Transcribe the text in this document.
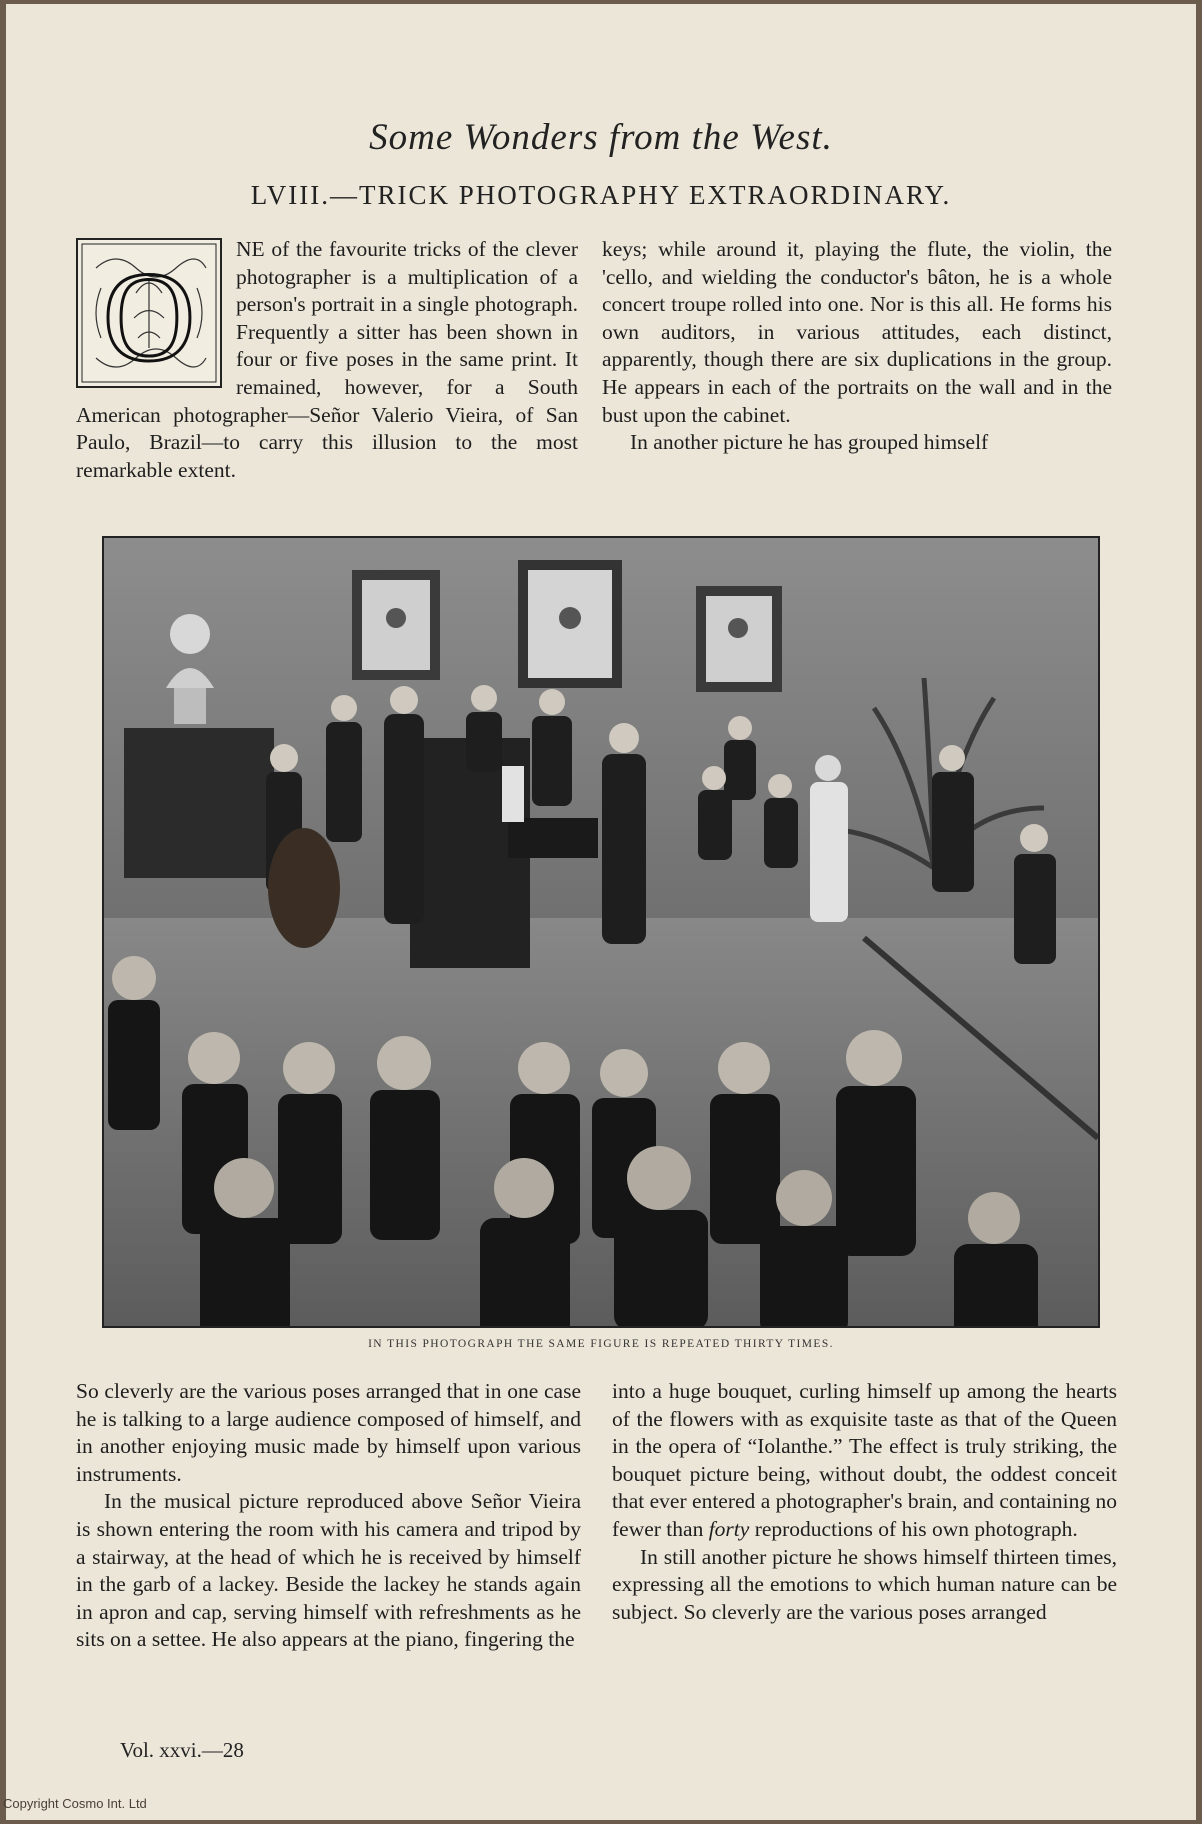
Some Wonders from the West.
LVIII.—TRICK PHOTOGRAPHY EXTRAORDINARY.
O	NE of the favourite tricks of the clever photographer is a multiplication of a person's portrait in a single photograph. Frequently a sitter has been shown in four or five poses in the same print. It remained, however, for a South American photographer—Señor Valerio Vieira, of San Paulo, Brazil—to carry this illusion to the most remarkable extent.

keys; while around it, playing the flute, the violin, the 'cello, and wielding the conductor's bâton, he is a whole concert troupe rolled into one. Nor is this all. He forms his own auditors, in various attitudes, each distinct, apparently, though there are six duplications in the group. He appears in each of the portraits on the wall and in the bust upon the cabinet.

In another picture he has grouped himself

IN THIS PHOTOGRAPH THE SAME FIGURE IS REPEATED THIRTY TIMES.

So cleverly are the various poses arranged that in one case he is talking to a large audience composed of himself, and in another enjoying music made by himself upon various instruments.

In the musical picture reproduced above Señor Vieira is shown entering the room with his camera and tripod by a stairway, at the head of which he is received by himself in the garb of a lackey. Beside the lackey he stands again in apron and cap, serving himself with refreshments as he sits on a settee. He also appears at the piano, fingering the

into a huge bouquet, curling himself up among the hearts of the flowers with as exquisite taste as that of the Queen in the opera of “Iolanthe.” The effect is truly striking, the bouquet picture being, without doubt, the oddest conceit that ever entered a photographer's brain, and containing no fewer than forty reproductions of his own photograph.

In still another picture he shows himself thirteen times, expressing all the emotions to which human nature can be subject. So cleverly are the various poses arranged

Vol. xxvi.—28
Copyright Cosmo Int. Ltd
